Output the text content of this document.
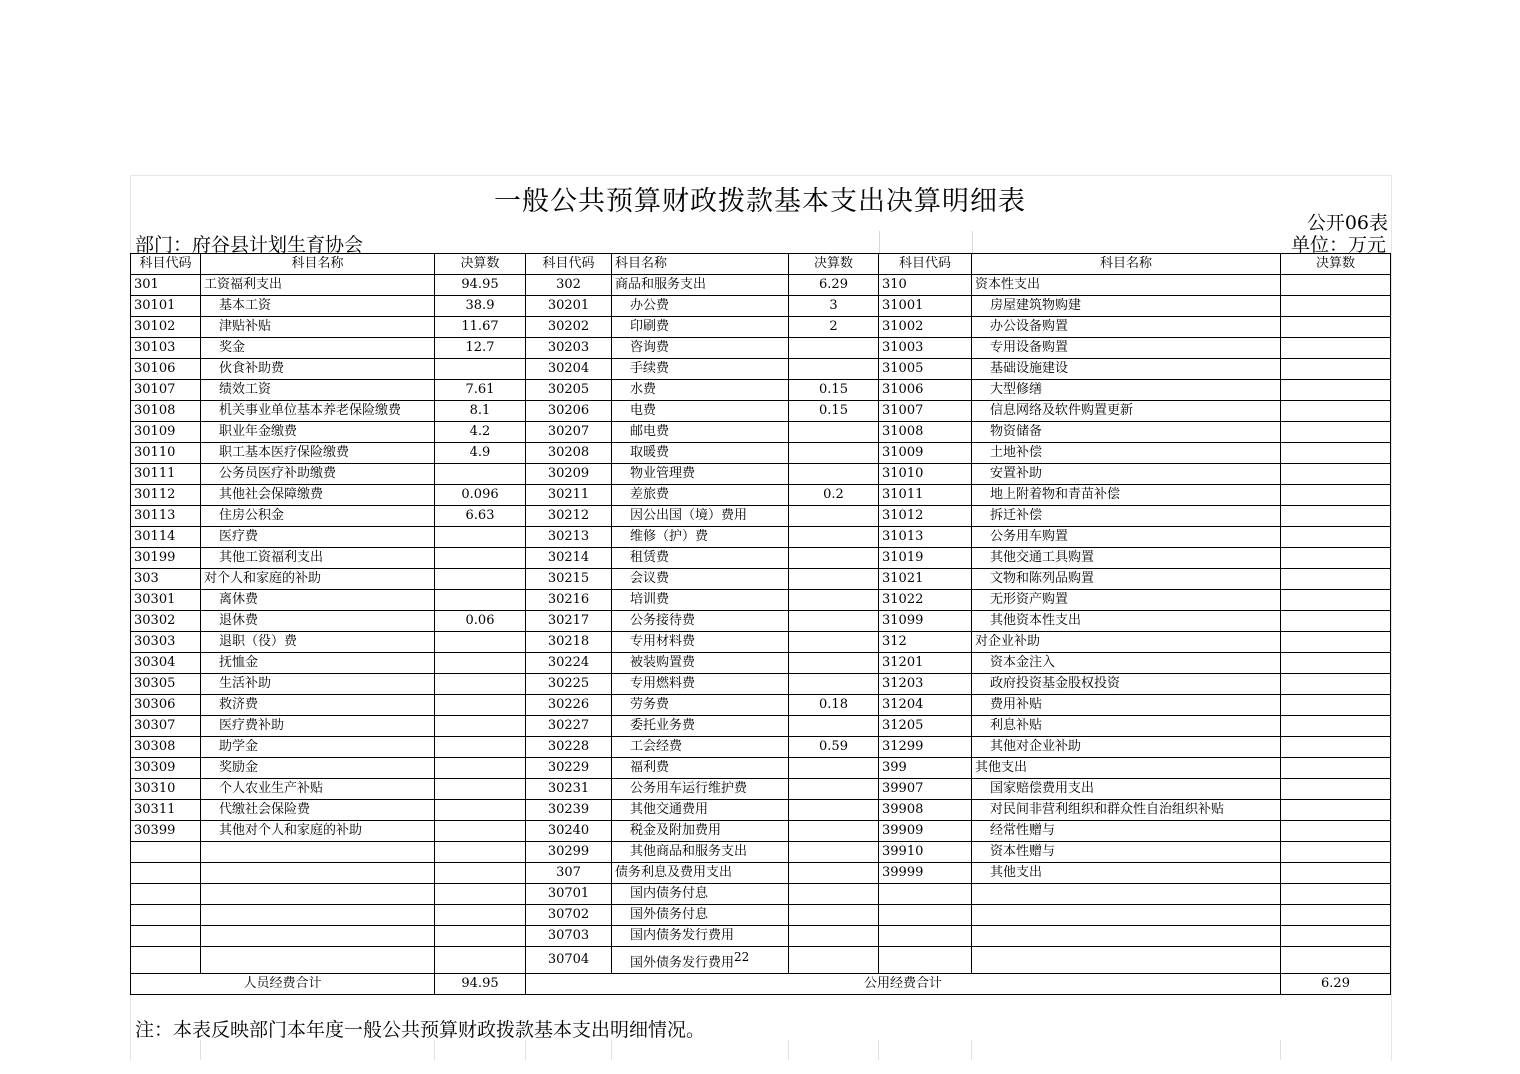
一般公共预算财政拨款基本支出决算明细表
公开06表
部门：府谷县计划生育协会	单位：万元
科目代码	科目名称	决算数	科目代码	科目名称	决算数	科目代码	科目名称	决算数
301	工资福利支出	94.95	302	商品和服务支出	6.29	310	资本性支出	
30101	基本工资	38.9	30201	办公费	3	31001	房屋建筑物购建	
30102	津贴补贴	11.67	30202	印刷费	2	31002	办公设备购置	
30103	奖金	12.7	30203	咨询费		31003	专用设备购置	
30106	伙食补助费		30204	手续费		31005	基础设施建设	
30107	绩效工资	7.61	30205	水费	0.15	31006	大型修缮	
30108	机关事业单位基本养老保险缴费	8.1	30206	电费	0.15	31007	信息网络及软件购置更新	
30109	职业年金缴费	4.2	30207	邮电费		31008	物资储备	
30110	职工基本医疗保险缴费	4.9	30208	取暖费		31009	土地补偿	
30111	公务员医疗补助缴费		30209	物业管理费		31010	安置补助	
30112	其他社会保障缴费	0.096	30211	差旅费	0.2	31011	地上附着物和青苗补偿	
30113	住房公积金	6.63	30212	因公出国（境）费用		31012	拆迁补偿	
30114	医疗费		30213	维修（护）费		31013	公务用车购置	
30199	其他工资福利支出		30214	租赁费		31019	其他交通工具购置	
303	对个人和家庭的补助		30215	会议费		31021	文物和陈列品购置	
30301	离休费		30216	培训费		31022	无形资产购置	
30302	退休费	0.06	30217	公务接待费		31099	其他资本性支出	
30303	退职（役）费		30218	专用材料费		312	对企业补助	
30304	抚恤金		30224	被装购置费		31201	资本金注入	
30305	生活补助		30225	专用燃料费		31203	政府投资基金股权投资	
30306	救济费		30226	劳务费	0.18	31204	费用补贴	
30307	医疗费补助		30227	委托业务费		31205	利息补贴	
30308	助学金		30228	工会经费	0.59	31299	其他对企业补助	
30309	奖励金		30229	福利费		399	其他支出	
30310	个人农业生产补贴		30231	公务用车运行维护费		39907	国家赔偿费用支出	
30311	代缴社会保险费		30239	其他交通费用		39908	对民间非营利组织和群众性自治组织补贴	
30399	其他对个人和家庭的补助		30240	税金及附加费用		39909	经常性赠与	
			30299	其他商品和服务支出		39910	资本性赠与	
			307	债务利息及费用支出		39999	其他支出	
			30701	国内债务付息				
			30702	国外债务付息				
			30703	国内债务发行费用				
			30704	国外债务发行费用22				
人员经费合计		94.95	公用经费合计					6.29
注：本表反映部门本年度一般公共预算财政拨款基本支出明细情况。
